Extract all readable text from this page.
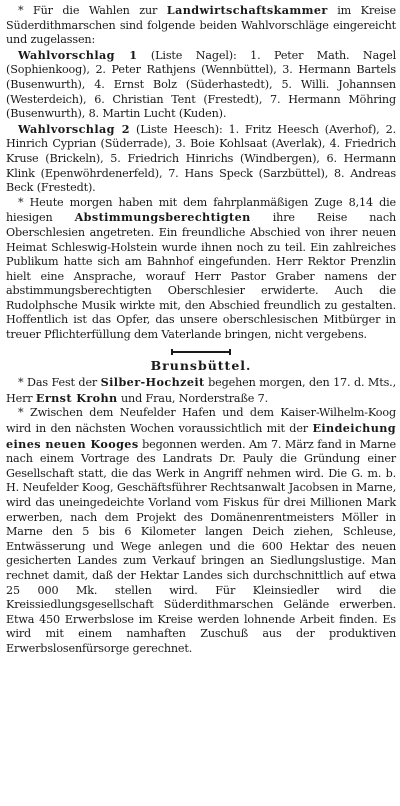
* Für die Wahlen zur Landwirtschaftskammer im Kreise Süderdithmarschen sind folgende beiden Wahlvorschläge eingereicht und zugelassen:

Wahlvorschlag 1 (Liste Nagel): 1. Peter Math. Nagel (Sophienkoog), 2. Peter Rathjens (Wennbüttel), 3. Hermann Bartels (Busenwurth), 4. Ernst Bolz (Süderhastedt), 5. Willi. Johannsen (Westerdeich), 6. Christian Tent (Frestedt), 7. Hermann Möhring (Busenwurth), 8. Martin Lucht (Kuden).

Wahlvorschlag 2 (Liste Heesch): 1. Fritz Heesch (Averhof), 2. Hinrich Cyprian (Süderrade), 3. Boie Kohlsaat (Averlak), 4. Friedrich Kruse (Brickeln), 5. Friedrich Hinrichs (Windbergen), 6. Hermann Klink (Epenwöhrdenerfeld), 7. Hans Speck (Sarzbüttel), 8. Andreas Beck (Frestedt).

* Heute morgen haben mit dem fahrplanmäßigen Zuge 8,14 die hiesigen Abstimmungsberechtigten ihre Reise nach Oberschlesien angetreten. Ein freundliche Abschied von ihrer neuen Heimat Schleswig-Holstein wurde ihnen noch zu teil. Ein zahlreiches Publikum hatte sich am Bahnhof eingefunden. Herr Rektor Prenzlin hielt eine Ansprache, worauf Herr Pastor Graber namens der abstimmungsberechtigten Oberschlesier erwiderte. Auch die Rudolphsche Musik wirkte mit, den Abschied freundlich zu gestalten. Hoffentlich ist das Opfer, das unsere oberschlesischen Mitbürger in treuer Pflichterfüllung dem Vaterlande bringen, nicht vergebens.

Brunsbüttel.

* Das Fest der Silber-Hochzeit begehen morgen, den 17. d. Mts., Herr Ernst Krohn und Frau, Norderstraße 7.

* Zwischen dem Neufelder Hafen und dem Kaiser-Wilhelm-Koog wird in den nächsten Wochen voraussichtlich mit der Eindeichung eines neuen Kooges begonnen werden. Am 7. März fand in Marne nach einem Vortrage des Landrats Dr. Pauly die Gründung einer Gesellschaft statt, die das Werk in Angriff nehmen wird. Die G. m. b. H. Neufelder Koog, Geschäftsführer Rechtsanwalt Jacobsen in Marne, wird das uneingedeichte Vorland vom Fiskus für drei Millionen Mark erwerben, nach dem Projekt des Domänenrentmeisters Möller in Marne den 5 bis 6 Kilometer langen Deich ziehen, Schleuse, Entwässerung und Wege anlegen und die 600 Hektar des neuen gesicherten Landes zum Verkauf bringen an Siedlungslustige. Man rechnet damit, daß der Hektar Landes sich durchschnittlich auf etwa 25 000 Mk. stellen wird. Für Kleinsiedler wird die Kreissiedlungsgesellschaft Süderdithmarschen Gelände erwerben. Etwa 450 Erwerbslose im Kreise werden lohnende Arbeit finden. Es wird mit einem namhaften Zuschuß aus der produktiven Erwerbslosenfürsorge gerechnet.
